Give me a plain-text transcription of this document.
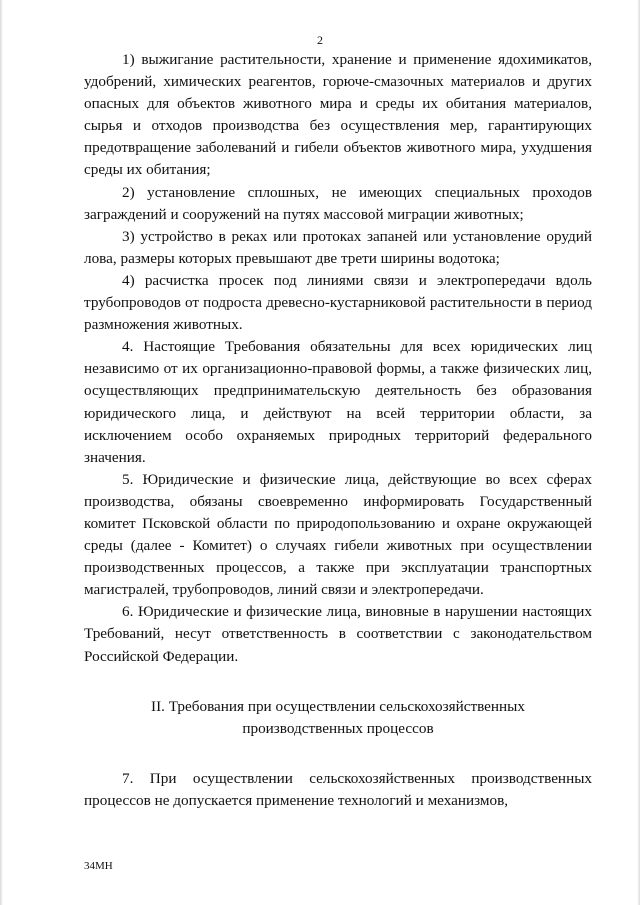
2

1) выжигание растительности, хранение и применение ядохимикатов, удобрений, химических реагентов, горюче-смазочных материалов и других опасных для объектов животного мира и среды их обитания материалов, сырья и отходов производства без осуществления мер, гарантирующих предотвращение заболеваний и гибели объектов животного мира, ухудшения среды их обитания;

2) установление сплошных, не имеющих специальных проходов заграждений и сооружений на путях массовой миграции животных;

3) устройство в реках или протоках запаней или установление орудий лова, размеры которых превышают две трети ширины водотока;

4) расчистка просек под линиями связи и электропередачи вдоль трубопроводов от подроста древесно-кустарниковой растительности в период размножения животных.

4. Настоящие Требования обязательны для всех юридических лиц независимо от их организационно-правовой формы, а также физических лиц, осуществляющих предпринимательскую деятельность без образования юридического лица, и действуют на всей территории области, за исключением особо охраняемых природных территорий федерального значения.

5. Юридические и физические лица, действующие во всех сферах производства, обязаны своевременно информировать Государственный комитет Псковской области по природопользованию и охране окружающей среды (далее - Комитет) о случаях гибели животных при осуществлении производственных процессов, а также при эксплуатации транспортных магистралей, трубопроводов, линий связи и электропередачи.

6. Юридические и физические лица, виновные в нарушении настоящих Требований, несут ответственность в соответствии с законодательством Российской Федерации.

II. Требования при осуществлении сельскохозяйственных
производственных процессов

7. При осуществлении сельскохозяйственных производственных процессов не допускается применение технологий и механизмов,

34МН
